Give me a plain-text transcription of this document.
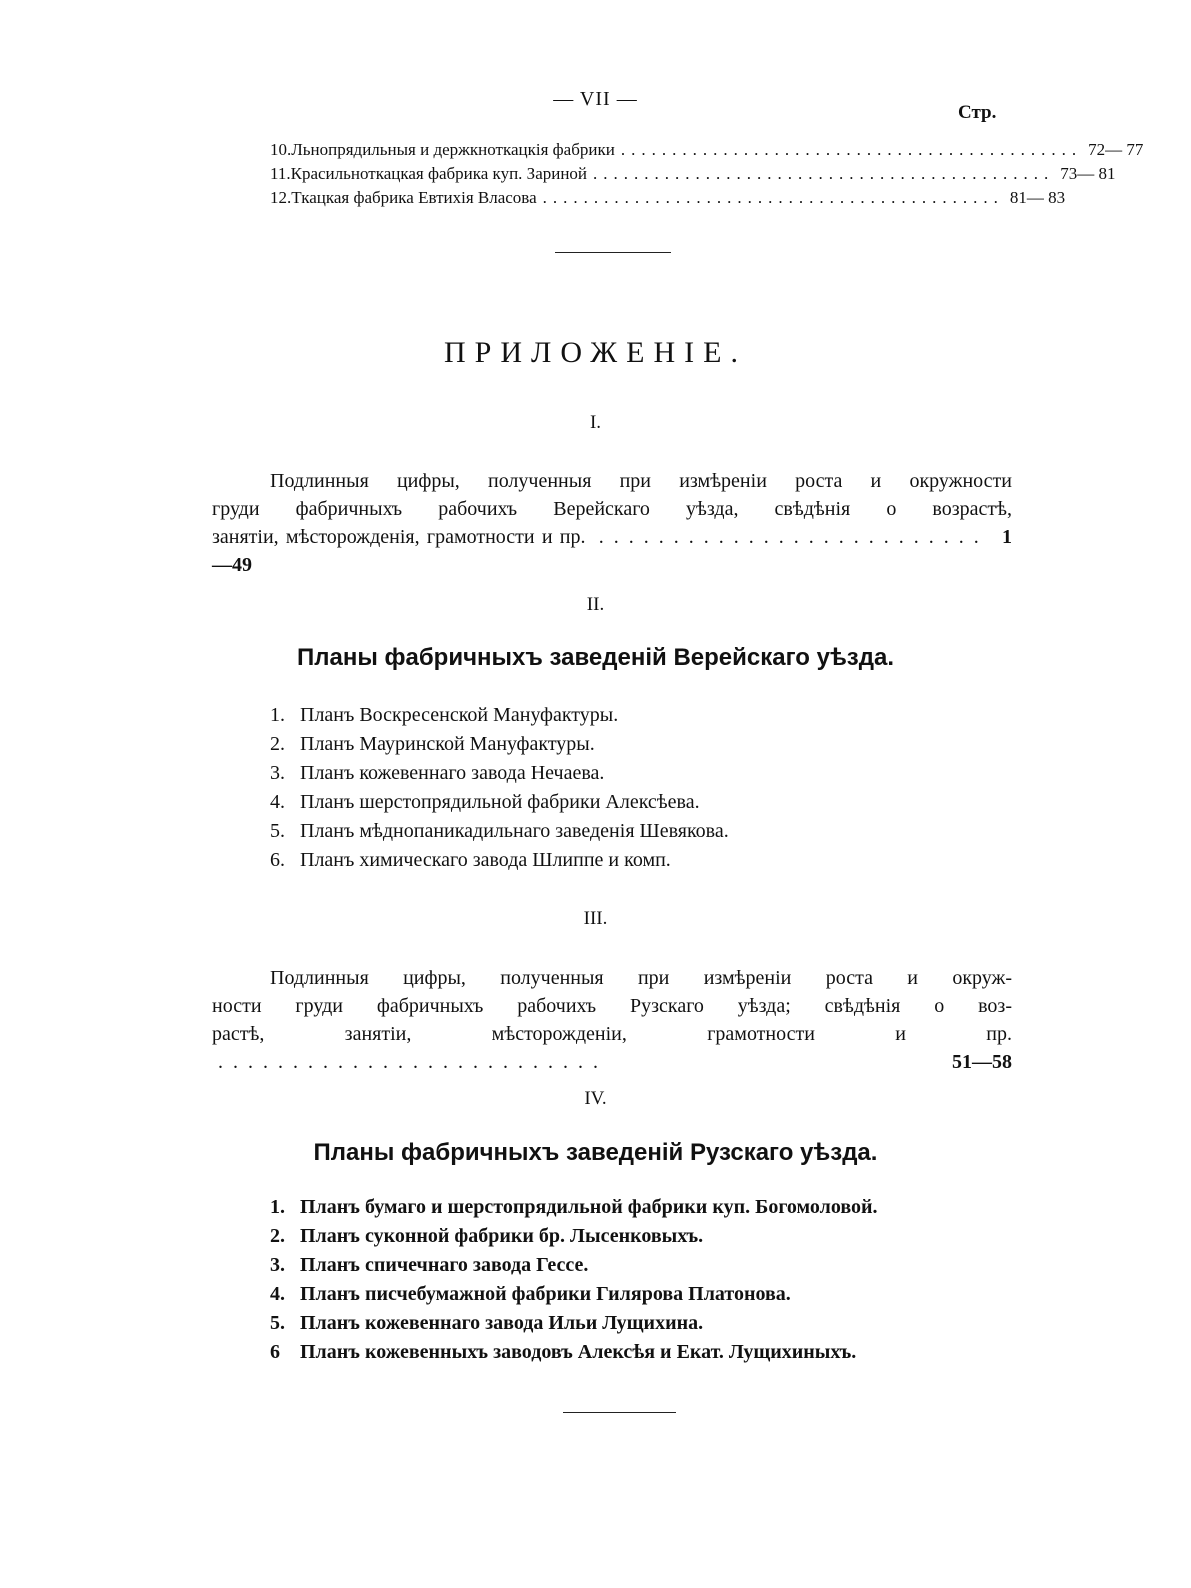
— VII —
Стр.
10. Льнопрядильныя и держкноткацкія фабрики ............................................. 72— 77
11. Красильноткацкая фабрика куп. Зариной ............................................. 73— 81
12. Ткацкая фабрика Евтихія Власова ............................................. 81— 83
ПРИЛОЖЕНІЕ.
I.
Подлинныя цифры, полученныя при измѣреніи роста и окружности
груди фабричныхъ рабочихъ Верейскаго уѣзда, свѣдѣнія о возрастѣ,
занятіи, мѣсторожденія, грамотности и пр. .......................... 1—49
II.
Планы фабричныхъ заведеній Верейскаго уѣзда.
1. Планъ Воскресенской Мануфактуры.
2. Планъ Мауринской Мануфактуры.
3. Планъ кожевеннаго завода Нечаева.
4. Планъ шерстопрядильной фабрики Алексѣева.
5. Планъ мѣднопаникадильнаго заведенія Шевякова.
6. Планъ химическаго завода Шлиппе и комп.
III.
Подлинныя цифры, полученныя при измѣреніи роста и окруж-
ности груди фабричныхъ рабочихъ Рузскаго уѣзда; свѣдѣнія о воз-
растѣ, занятіи, мѣсторожденіи, грамотности и пр. ..........................	51—58
IV.
Планы фабричныхъ заведеній Рузскаго уѣзда.
1. Планъ бумаго и шерстопрядильной фабрики куп. Богомоловой.
2. Планъ суконной фабрики бр. Лысенковыхъ.
3. Планъ спичечнаго завода Гессе.
4. Планъ писчебумажной фабрики Гилярова Платонова.
5. Планъ кожевеннаго завода Ильи Лущихина.
6 Планъ кожевенныхъ заводовъ Алексѣя и Екат. Лущихиныхъ.
